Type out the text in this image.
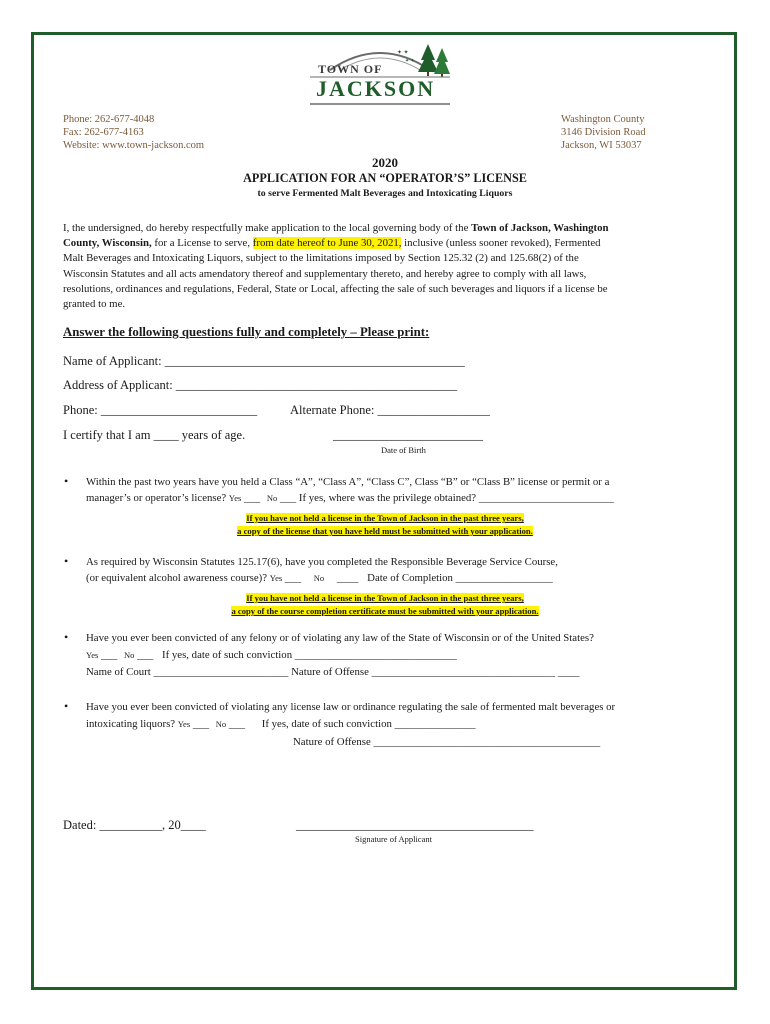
✦ ✦
✦ ✦
TOWN OF
JACKSON
Phone: 262-677-4048
Fax: 262-677-4163
Website: www.town-jackson.com
Washington County
3146 Division Road
Jackson, WI 53037
2020
APPLICATION FOR AN “OPERATOR’S” LICENSE
to serve Fermented Malt Beverages and Intoxicating Liquors
I, the undersigned, do hereby respectfully make application to the local governing body of the Town of Jackson, Washington
County, Wisconsin, for a License to serve, from date hereof to June 30, 2021, inclusive (unless sooner revoked), Fermented
Malt Beverages and Intoxicating Liquors, subject to the limitations imposed by Section 125.32 (2) and 125.68(2) of the
Wisconsin Statutes and all acts amendatory thereof and supplementary thereto, and hereby agree to comply with all laws,
resolutions, ordinances and regulations, Federal, State or Local, affecting the sale of such beverages and liquors if a license be
granted to me.
Answer the following questions fully and completely – Please print:
Name of Applicant: ________________________________________________
Address of Applicant: _____________________________________________
Phone: _________________________	Alternate Phone: __________________
I certify that I am ____ years of age.	________________________
Date of Birth
• Within the past two years have you held a Class “A”, “Class A”, “Class C”, Class “B” or “Class B” license or permit or a
manager’s or operator’s license? Yes ___ No ___ If yes, where was the privilege obtained? _________________________
If you have not held a license in the Town of Jackson in the past three years,
a copy of the license that you have held must be submitted with your application.
• As required by Wisconsin Statutes 125.17(6), have you completed the Responsible Beverage Service Course,
(or equivalent alcohol awareness course)? Yes ___ No ____ Date of Completion __________________
If you have not held a license in the Town of Jackson in the past three years,
a copy of the course completion certificate must be submitted with your application.
• Have you ever been convicted of any felony or of violating any law of the State of Wisconsin or of the United States?
Yes ___ No ___ If yes, date of such conviction ______________________________
Name of Court _________________________ Nature of Offense __________________________________ ____
• Have you ever been convicted of violating any license law or ordinance regulating the sale of fermented malt beverages or
intoxicating liquors? Yes ___ No ___ If yes, date of such conviction _______________
Nature of Offense __________________________________________
Dated: __________, 20____	______________________________________
Signature of Applicant
